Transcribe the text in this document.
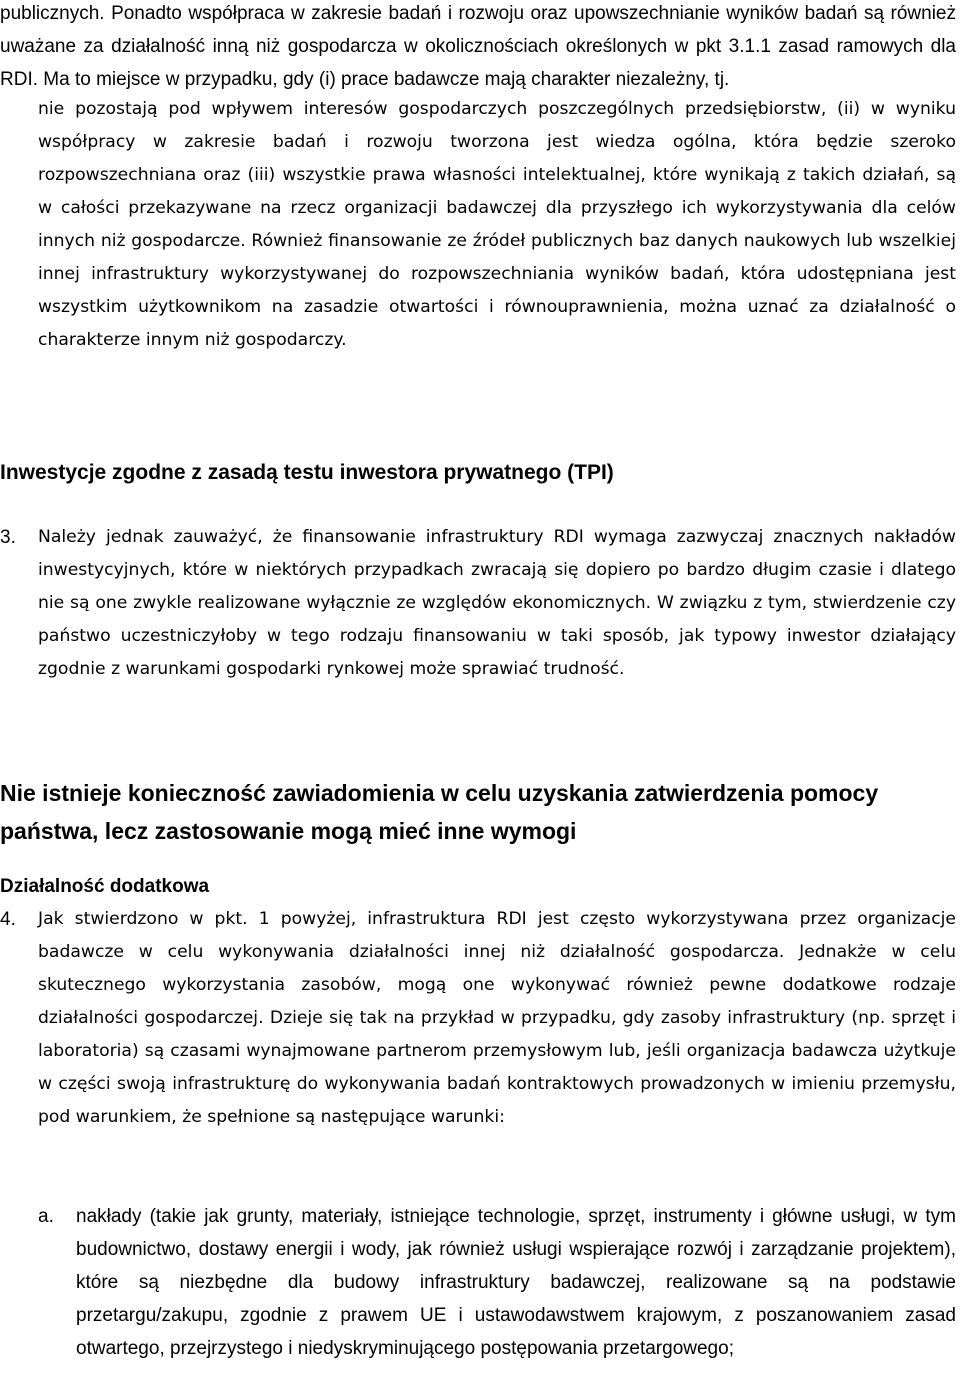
publicznych. Ponadto współpraca w zakresie badań i rozwoju oraz upowszechnianie wyników badań są również uważane za działalność inną niż gospodarcza w okolicznościach określonych w pkt 3.1.1 zasad ramowych dla RDI. Ma to miejsce w przypadku, gdy (i) prace badawcze mają charakter niezależny, tj.

nie pozostają pod wpływem interesów gospodarczych poszczególnych przedsiębiorstw, (ii) w wyniku współpracy w zakresie badań i rozwoju tworzona jest wiedza ogólna, która będzie szeroko rozpowszechniana oraz (iii) wszystkie prawa własności intelektualnej, które wynikają z takich działań, są w całości przekazywane na rzecz organizacji badawczej dla przyszłego ich wykorzystywania dla celów innych niż gospodarcze. Również finansowanie ze źródeł publicznych baz danych naukowych lub wszelkiej innej infrastruktury wykorzystywanej do rozpowszechniania wyników badań, która udostępniana jest wszystkim użytkownikom na zasadzie otwartości i równouprawnienia, można uznać za działalność o charakterze innym niż gospodarczy.

Inwestycje zgodne z zasadą testu inwestora prywatnego (TPI)
3. Należy jednak zauważyć, że finansowanie infrastruktury RDI wymaga zazwyczaj znacznych nakładów inwestycyjnych, które w niektórych przypadkach zwracają się dopiero po bardzo długim czasie i dlatego nie są one zwykle realizowane wyłącznie ze względów ekonomicznych. W związku z tym, stwierdzenie czy państwo uczestniczyłoby w tego rodzaju finansowaniu w taki sposób, jak typowy inwestor działający zgodnie z warunkami gospodarki rynkowej może sprawiać trudność.

Nie istnieje konieczność zawiadomienia w celu uzyskania zatwierdzenia pomocy państwa, lecz zastosowanie mogą mieć inne wymogi
Działalność dodatkowa
4. Jak stwierdzono w pkt. 1 powyżej, infrastruktura RDI jest często wykorzystywana przez organizacje badawcze w celu wykonywania działalności innej niż działalność gospodarcza. Jednakże w celu skutecznego wykorzystania zasobów, mogą one wykonywać również pewne dodatkowe rodzaje działalności gospodarczej. Dzieje się tak na przykład w przypadku, gdy zasoby infrastruktury (np. sprzęt i laboratoria) są czasami wynajmowane partnerom przemysłowym lub, jeśli organizacja badawcza użytkuje w części swoją infrastrukturę do wykonywania badań kontraktowych prowadzonych w imieniu przemysłu, pod warunkiem, że spełnione są następujące warunki:

a. nakłady (takie jak grunty, materiały, istniejące technologie, sprzęt, instrumenty i główne usługi, w tym budownictwo, dostawy energii i wody, jak również usługi wspierające rozwój i zarządzanie projektem), które są niezbędne dla budowy infrastruktury badawczej, realizowane są na podstawie przetargu/zakupu, zgodnie z prawem UE i ustawodawstwem krajowym, z poszanowaniem zasad otwartego, przejrzystego i niedyskryminującego postępowania przetargowego;
